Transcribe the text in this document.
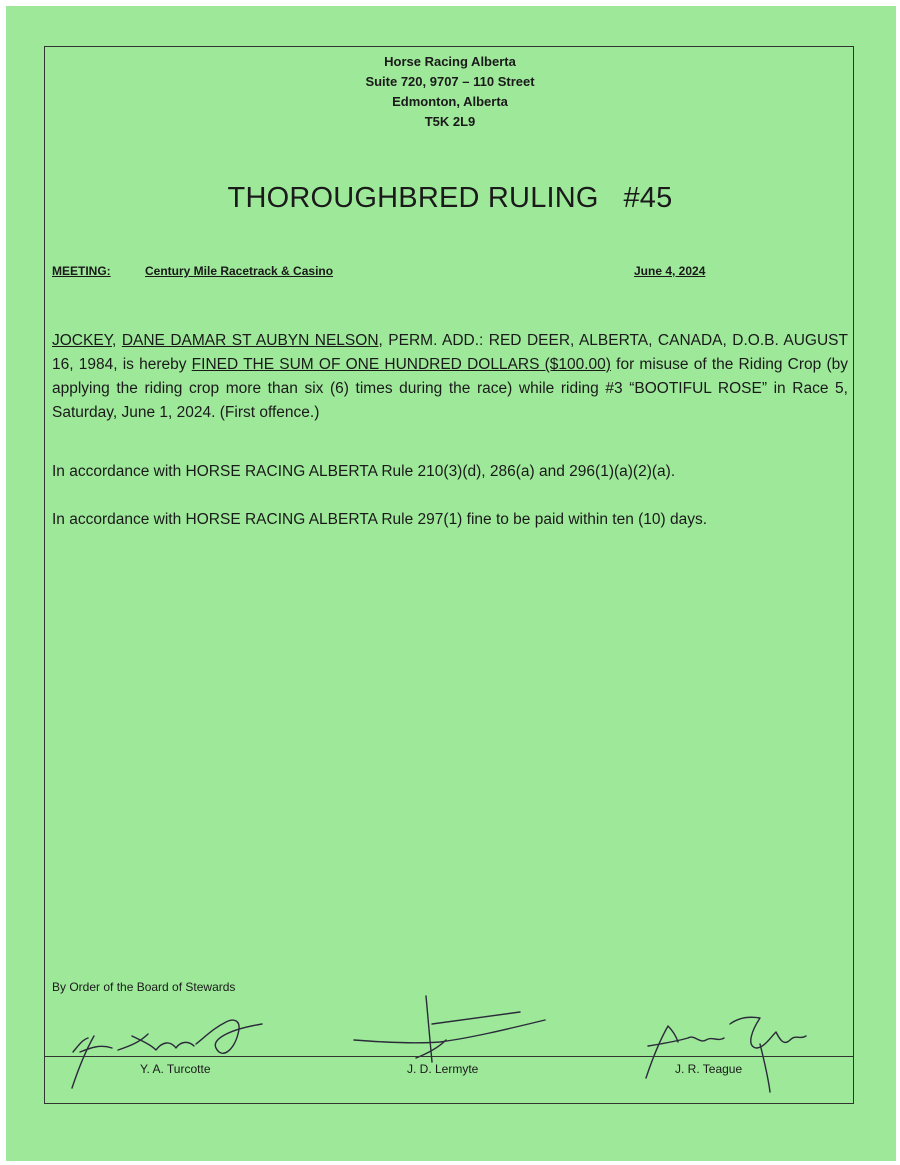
Horse Racing Alberta
Suite 720, 9707 – 110 Street
Edmonton, Alberta
T5K 2L9
THOROUGHBRED RULING   #45
MEETING:	Century Mile Racetrack & Casino	June 4, 2024
JOCKEY, DANE DAMAR ST AUBYN NELSON, PERM. ADD.: RED DEER, ALBERTA, CANADA, D.O.B. AUGUST 16, 1984, is hereby FINED THE SUM OF ONE HUNDRED DOLLARS ($100.00) for misuse of the Riding Crop (by applying the riding crop more than six (6) times during the race) while riding #3 “BOOTIFUL ROSE” in Race 5, Saturday, June 1, 2024. (First offence.)
In accordance with HORSE RACING ALBERTA Rule 210(3)(d), 286(a) and 296(1)(a)(2)(a).
In accordance with HORSE RACING ALBERTA Rule 297(1) fine to be paid within ten (10) days.
By Order of the Board of Stewards
Y. A. Turcotte	J. D. Lermyte	J. R. Teague
